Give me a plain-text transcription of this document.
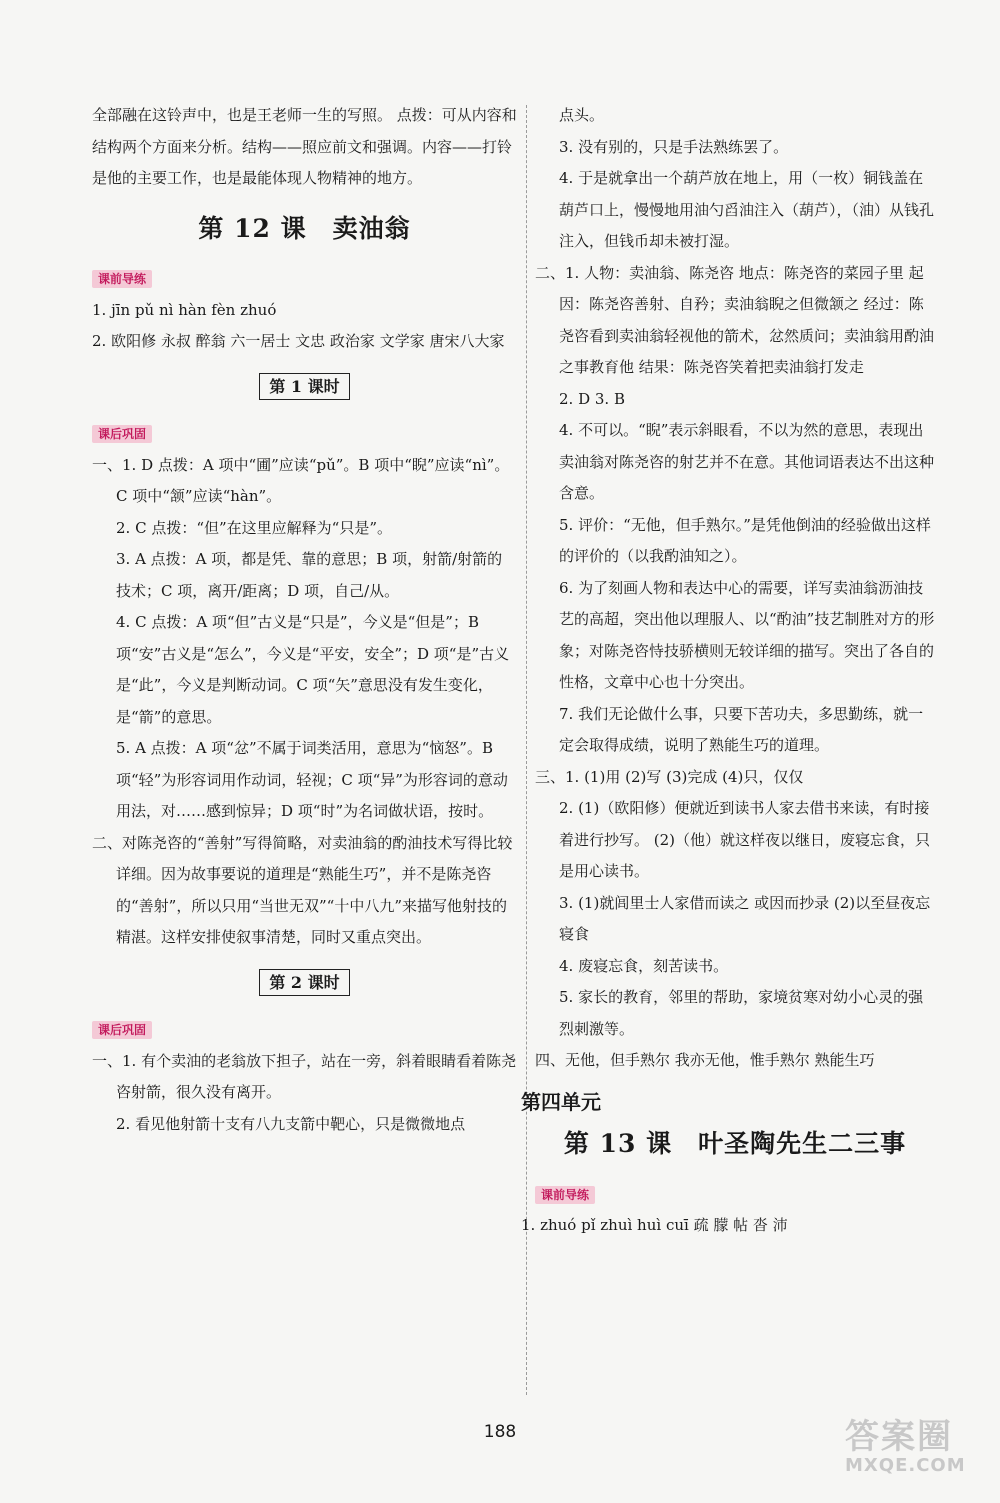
全部融在这铃声中，也是王老师一生的写照。 点拨：可从内容和结构两个方面来分析。结构——照应前文和强调。内容——打铃是他的主要工作，也是最能体现人物精神的地方。

第 12 课 卖油翁
课前导练

1. jīn pǔ nì hàn fèn zhuó

2. 欧阳修 永叔 醉翁 六一居士 文忠 政治家 文学家 唐宋八大家

第 1 课时
课后巩固

一、1. D 点拨：A 项中“圃”应读“pǔ”。B 项中“睨”应读“nì”。C 项中“颔”应读“hàn”。

2. C 点拨：“但”在这里应解释为“只是”。

3. A 点拨：A 项，都是凭、靠的意思；B 项，射箭/射箭的技术；C 项，离开/距离；D 项，自己/从。

4. C 点拨：A 项“但”古义是“只是”，今义是“但是”；B 项“安”古义是“怎么”，今义是“平安，安全”；D 项“是”古义是“此”，今义是判断动词。C 项“矢”意思没有发生变化，是“箭”的意思。

5. A 点拨：A 项“忿”不属于词类活用，意思为“恼怒”。B 项“轻”为形容词用作动词，轻视；C 项“异”为形容词的意动用法，对……感到惊异；D 项“时”为名词做状语，按时。

二、对陈尧咨的“善射”写得简略，对卖油翁的酌油技术写得比较详细。因为故事要说的道理是“熟能生巧”，并不是陈尧咨的“善射”，所以只用“当世无双”“十中八九”来描写他射技的精湛。这样安排使叙事清楚，同时又重点突出。

第 2 课时
课后巩固

一、1. 有个卖油的老翁放下担子，站在一旁，斜着眼睛看着陈尧咨射箭，很久没有离开。

2. 看见他射箭十支有八九支箭中靶心，只是微微地点

点头。

3. 没有别的，只是手法熟练罢了。

4. 于是就拿出一个葫芦放在地上，用（一枚）铜钱盖在葫芦口上，慢慢地用油勺舀油注入（葫芦），（油）从钱孔注入，但钱币却未被打湿。

二、1. 人物：卖油翁、陈尧咨 地点：陈尧咨的菜园子里 起因：陈尧咨善射、自矜；卖油翁睨之但微颔之 经过：陈尧咨看到卖油翁轻视他的箭术，忿然质问；卖油翁用酌油之事教育他 结果：陈尧咨笑着把卖油翁打发走

2. D 3. B

4. 不可以。“睨”表示斜眼看，不以为然的意思，表现出卖油翁对陈尧咨的射艺并不在意。其他词语表达不出这种含意。

5. 评价：“无他，但手熟尔。”是凭他倒油的经验做出这样的评价的（以我酌油知之）。

6. 为了刻画人物和表达中心的需要，详写卖油翁沥油技艺的高超，突出他以理服人、以“酌油”技艺制胜对方的形象；对陈尧咨恃技骄横则无较详细的描写。突出了各自的性格，文章中心也十分突出。

7. 我们无论做什么事，只要下苦功夫，多思勤练，就一定会取得成绩，说明了熟能生巧的道理。

三、1. (1)用 (2)写 (3)完成 (4)只，仅仅

2. (1)（欧阳修）便就近到读书人家去借书来读，有时接着进行抄写。 (2)（他）就这样夜以继日，废寝忘食，只是用心读书。

3. (1)就闾里士人家借而读之 或因而抄录 (2)以至昼夜忘寝食

4. 废寝忘食，刻苦读书。

5. 家长的教育，邻里的帮助，家境贫寒对幼小心灵的强烈刺激等。

四、无他，但手熟尔 我亦无他，惟手熟尔 熟能生巧

第四单元
第 13 课 叶圣陶先生二三事
课前导练

1. zhuó pǐ zhuì huì cuī 疏 朦 帖 沓 沛

188	答案圈
MXQE.COM
